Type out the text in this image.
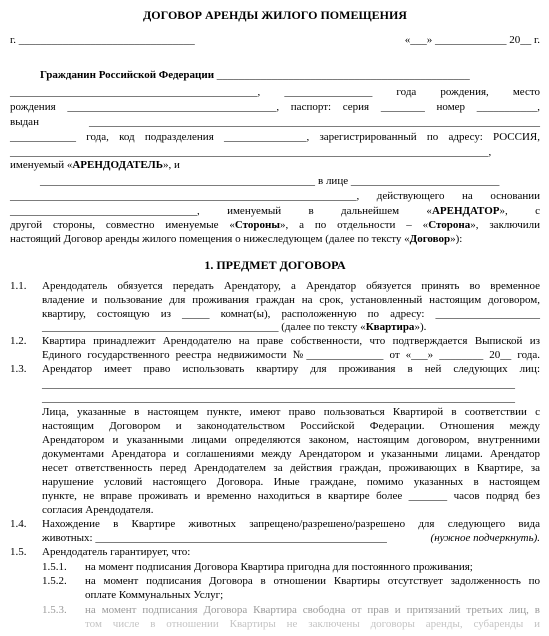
ДОГОВОР АРЕНДЫ ЖИЛОГО ПОМЕЩЕНИЯ
г. ________________________________	«___» _____________ 20__ г.
Гражданин Российской Федерации ______________________________________________
_____________________________________________, ________________ года рождения, место
рождения ______________________________________, паспорт: серия ________ номер ___________,
выдан __________________________________________________________________________________
____________ года, код подразделения _______________, зарегистрированный по адресу: РОССИЯ,
_______________________________________________________________________________________,
именуемый «АРЕНДОДАТЕЛЬ», и
__________________________________________________ в лице ___________________________
_______________________________________________________________, действующего на основании
__________________________________, именуемый в дальнейшем «АРЕНДАТОР», с
другой стороны, совместно именуемые «Стороны», а по отдельности – «Сторона», заключили
настоящий Договор аренды жилого помещения о нижеследующем (далее по тексту «Договор»):
1. ПРЕДМЕТ ДОГОВОРА
1.1. Арендодатель обязуется передать Арендатору, а Арендатор обязуется принять во временное
владение и пользование для проживания граждан на срок, установленный настоящим договором,
квартиру, состоящую из _____ комнат(ы), расположенную по адресу: ___________________
___________________________________________ (далее по тексту «Квартира»).
1.2. Квартира принадлежит Арендодателю на праве собственности, что подтверждается Выпиской из
Единого государственного реестра недвижимости №______________ от «___» ________ 20__ года.
1.3. Арендатор имеет право использовать квартиру для проживания в ней следующих лиц:
______________________________________________________________________________________
______________________________________________________________________________________
Лица, указанные в настоящем пункте, имеют право пользоваться Квартирой в соответствии с
настоящим Договором и законодательством Российской Федерации. Отношения между
Арендатором и указанными лицами определяются законом, настоящим договором, внутренними
документами Арендатора и соглашениями между Арендатором и указанными лицами. Арендатор
несет ответственность перед Арендодателем за действия граждан, проживающих в Квартире, за
нарушение условий настоящего Договора. Иные граждане, помимо указанных в настоящем
пункте, не вправе проживать и временно находиться в квартире более _______ часов подряд без
согласия Арендодателя.
1.4. Нахождение в Квартире животных запрещено/разрешено/разрешено для следующего вида
животных: _____________________________________________________	(нужное подчеркнуть).
1.5. Арендодатель гарантирует, что:
1.5.1. на момент подписания Договора Квартира пригодна для постоянного проживания;
1.5.2. на момент подписания Договора в отношении Квартиры отсутствует задолженность по
оплате Коммунальных Услуг;
1.5.3. на момент подписания Договора Квартира свободна от прав и притязаний третьих лиц, в
том числе в отношении Квартиры не заключены договоры аренды, субаренды и
